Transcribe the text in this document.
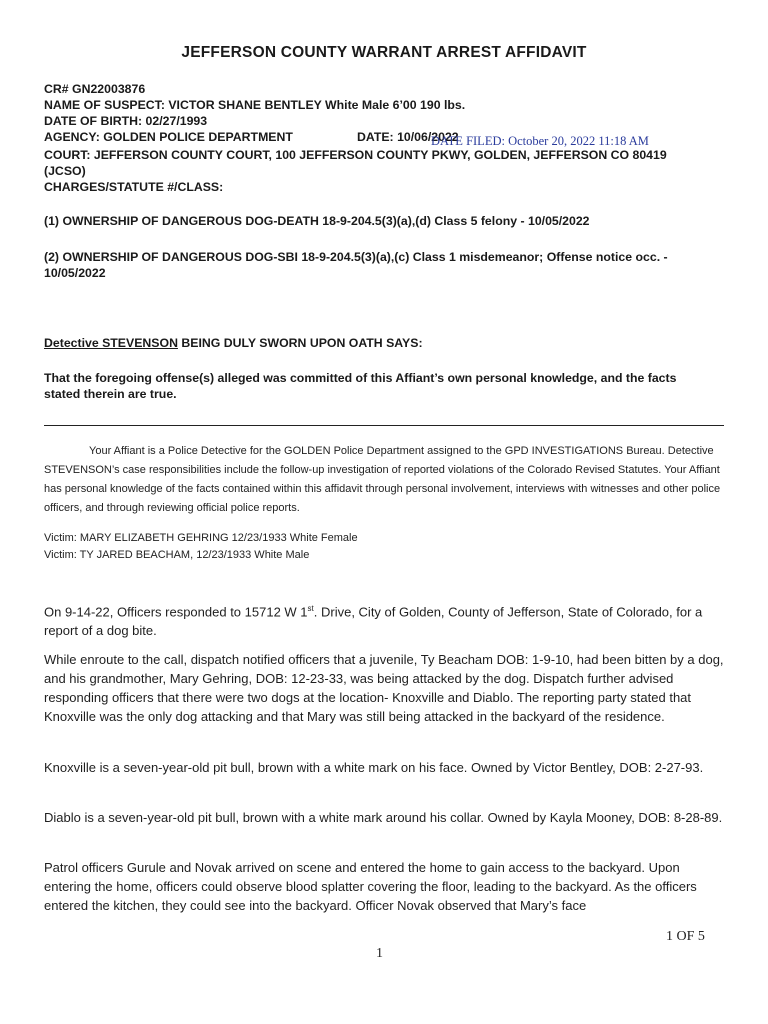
JEFFERSON COUNTY WARRANT ARREST AFFIDAVIT
CR# GN22003876
NAME OF SUSPECT: VICTOR SHANE BENTLEY White Male 6’00 190 lbs.
DATE OF BIRTH: 02/27/1993
AGENCY: GOLDEN POLICE DEPARTMENT	DATE: 10/06/2022
DATE FILED: October 20, 2022 11:18 AM
COURT: JEFFERSON COUNTY COURT, 100 JEFFERSON COUNTY PKWY, GOLDEN, JEFFERSON CO 80419
(JCSO)
CHARGES/STATUTE #/CLASS:
(1) OWNERSHIP OF DANGEROUS DOG-DEATH 18-9-204.5(3)(a),(d) Class 5 felony - 10/05/2022
(2) OWNERSHIP OF DANGEROUS DOG-SBI 18-9-204.5(3)(a),(c) Class 1 misdemeanor; Offense notice occ. -
10/05/2022
Detective STEVENSON BEING DULY SWORN UPON OATH SAYS:
That the foregoing offense(s) alleged was committed of this Affiant’s own personal knowledge, and the facts
stated therein are true.

Your Affiant is a Police Detective for the GOLDEN Police Department assigned to the GPD INVESTIGATIONS Bureau. Detective STEVENSON’s case responsibilities include the follow-up investigation of reported violations of the Colorado Revised Statutes. Your Affiant has personal knowledge of the facts contained within this affidavit through personal involvement, interviews with witnesses and other police officers, and through reviewing official police reports.

Victim: MARY ELIZABETH GEHRING 12/23/1933 White Female
Victim: TY JARED BEACHAM, 12/23/1933 White Male

On 9-14-22, Officers responded to 15712 W 1st. Drive, City of Golden, County of Jefferson, State of Colorado, for a report of a dog bite.

While enroute to the call, dispatch notified officers that a juvenile, Ty Beacham DOB: 1-9-10, had been bitten by a dog, and his grandmother, Mary Gehring, DOB: 12-23-33, was being attacked by the dog. Dispatch further advised responding officers that there were two dogs at the location- Knoxville and Diablo. The reporting party stated that Knoxville was the only dog attacking and that Mary was still being attacked in the backyard of the residence.

Knoxville is a seven-year-old pit bull, brown with a white mark on his face. Owned by Victor Bentley, DOB: 2-27-93.

Diablo is a seven-year-old pit bull, brown with a white mark around his collar. Owned by Kayla Mooney, DOB: 8-28-89.

Patrol officers Gurule and Novak arrived on scene and entered the home to gain access to the backyard. Upon entering the home, officers could observe blood splatter covering the floor, leading to the backyard. As the officers entered the kitchen, they could see into the backyard. Officer Novak observed that Mary’s face

1 OF 5
1
